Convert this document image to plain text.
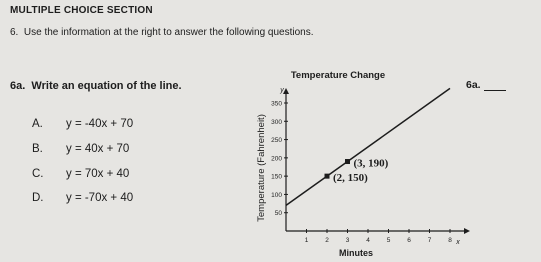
MULTIPLE CHOICE SECTION
6. Use the information at the right to answer the following questions.
6a. Write an equation of the line.
A. y = -40x + 70
B. y = 40x + 70
C. y = 70x + 40
D. y = -70x + 40
6a.
Temperature Change
y
x
Minutes
Temperature (Fahrenheit)
1	2	3	4	5	6	7	8
50
100
150
200
250
300
350
(3, 190)
(2, 150)
